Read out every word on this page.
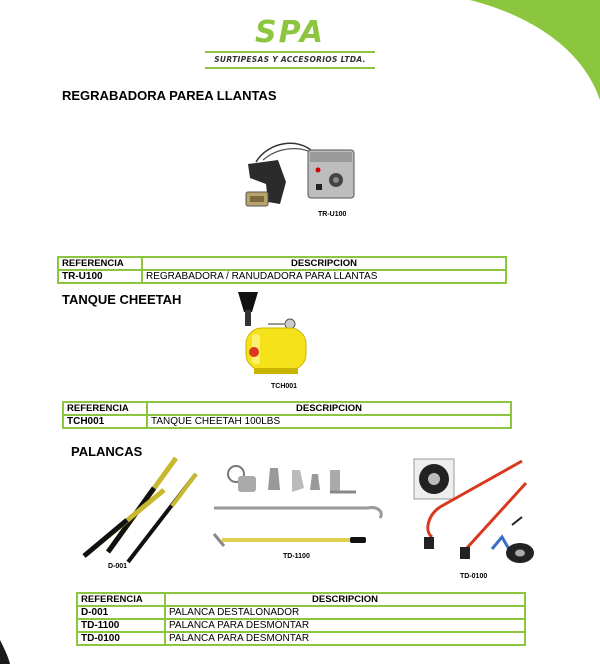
SPA
SURTIPESAS Y ACCESORIOS LTDA.
REGRABADORA PAREA LLANTAS
TR-U100
REFERENCIA	DESCRIPCION
TR-U100	REGRABADORA / RANUDADORA PARA LLANTAS
TANQUE CHEETAH
TCH001
REFERENCIA	DESCRIPCION
TCH001	TANQUE CHEETAH 100LBS
PALANCAS
D-001
TD-1100
TD-0100
REFERENCIA	DESCRIPCION
D-001	PALANCA DESTALONADOR
TD-1100	PALANCA PARA DESMONTAR
TD-0100	PALANCA PARA DESMONTAR
